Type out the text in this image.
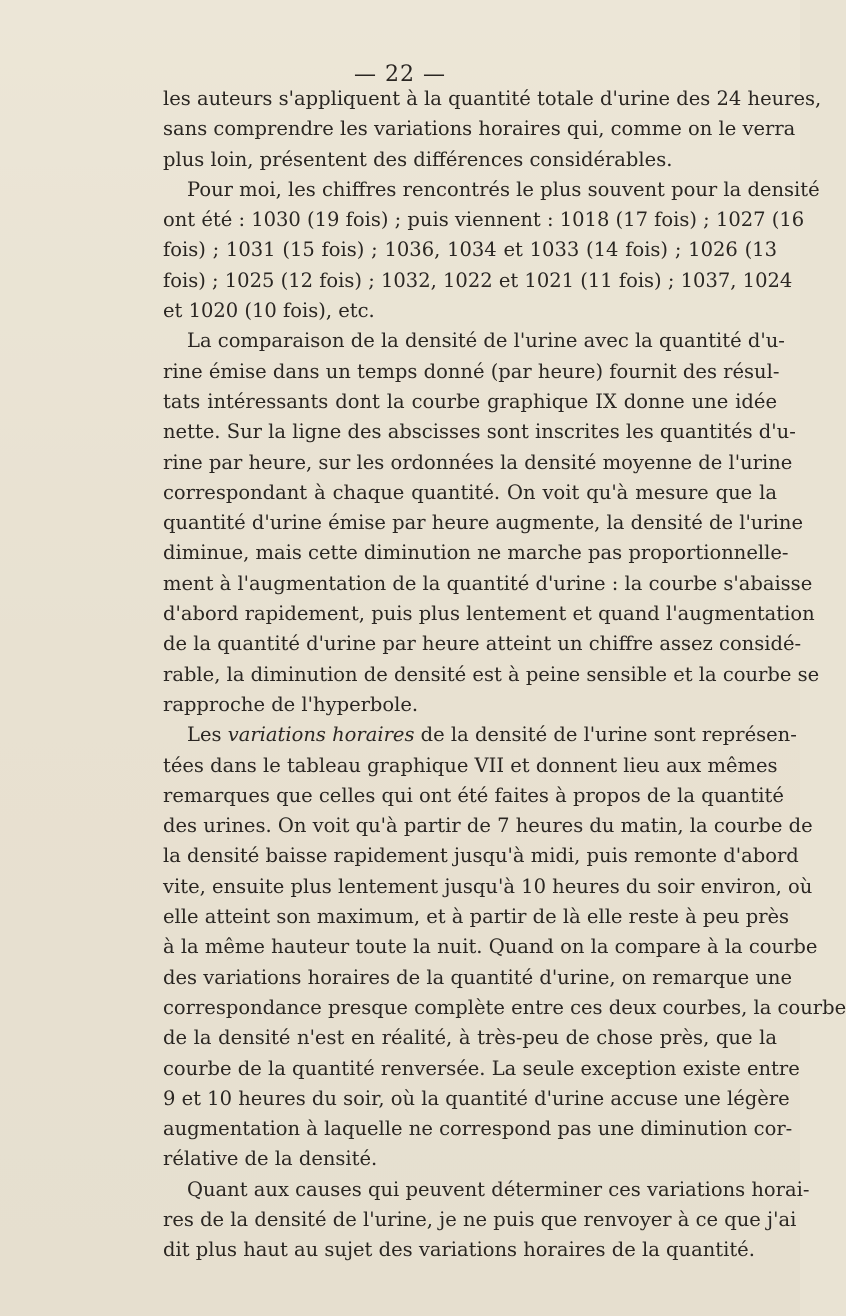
— 22 —
les auteurs s'appliquent à la quantité totale d'urine des 24 heures,
sans comprendre les variations horaires qui, comme on le verra
plus loin, présentent des différences considérables.
Pour moi, les chiffres rencontrés le plus souvent pour la densité
ont été : 1030 (19 fois) ; puis viennent : 1018 (17 fois) ; 1027 (16
fois) ; 1031 (15 fois) ; 1036, 1034 et 1033 (14 fois) ; 1026 (13
fois) ; 1025 (12 fois) ; 1032, 1022 et 1021 (11 fois) ; 1037, 1024
et 1020 (10 fois), etc.
La comparaison de la densité de l'urine avec la quantité d'u-
rine émise dans un temps donné (par heure) fournit des résul-
tats intéressants dont la courbe graphique IX donne une idée
nette. Sur la ligne des abscisses sont inscrites les quantités d'u-
rine par heure, sur les ordonnées la densité moyenne de l'urine
correspondant à chaque quantité. On voit qu'à mesure que la
quantité d'urine émise par heure augmente, la densité de l'urine
diminue, mais cette diminution ne marche pas proportionnelle-
ment à l'augmentation de la quantité d'urine : la courbe s'abaisse
d'abord rapidement, puis plus lentement et quand l'augmentation
de la quantité d'urine par heure atteint un chiffre assez considé-
rable, la diminution de densité est à peine sensible et la courbe se
rapproche de l'hyperbole.
Les variations horaires de la densité de l'urine sont représen-
tées dans le tableau graphique VII et donnent lieu aux mêmes
remarques que celles qui ont été faites à propos de la quantité
des urines. On voit qu'à partir de 7 heures du matin, la courbe de
la densité baisse rapidement jusqu'à midi, puis remonte d'abord
vite, ensuite plus lentement jusqu'à 10 heures du soir environ, où
elle atteint son maximum, et à partir de là elle reste à peu près
à la même hauteur toute la nuit. Quand on la compare à la courbe
des variations horaires de la quantité d'urine, on remarque une
correspondance presque complète entre ces deux courbes, la courbe
de la densité n'est en réalité, à très-peu de chose près, que la
courbe de la quantité renversée. La seule exception existe entre
9 et 10 heures du soir, où la quantité d'urine accuse une légère
augmentation à laquelle ne correspond pas une diminution cor-
rélative de la densité.
Quant aux causes qui peuvent déterminer ces variations horai-
res de la densité de l'urine, je ne puis que renvoyer à ce que j'ai
dit plus haut au sujet des variations horaires de la quantité.
